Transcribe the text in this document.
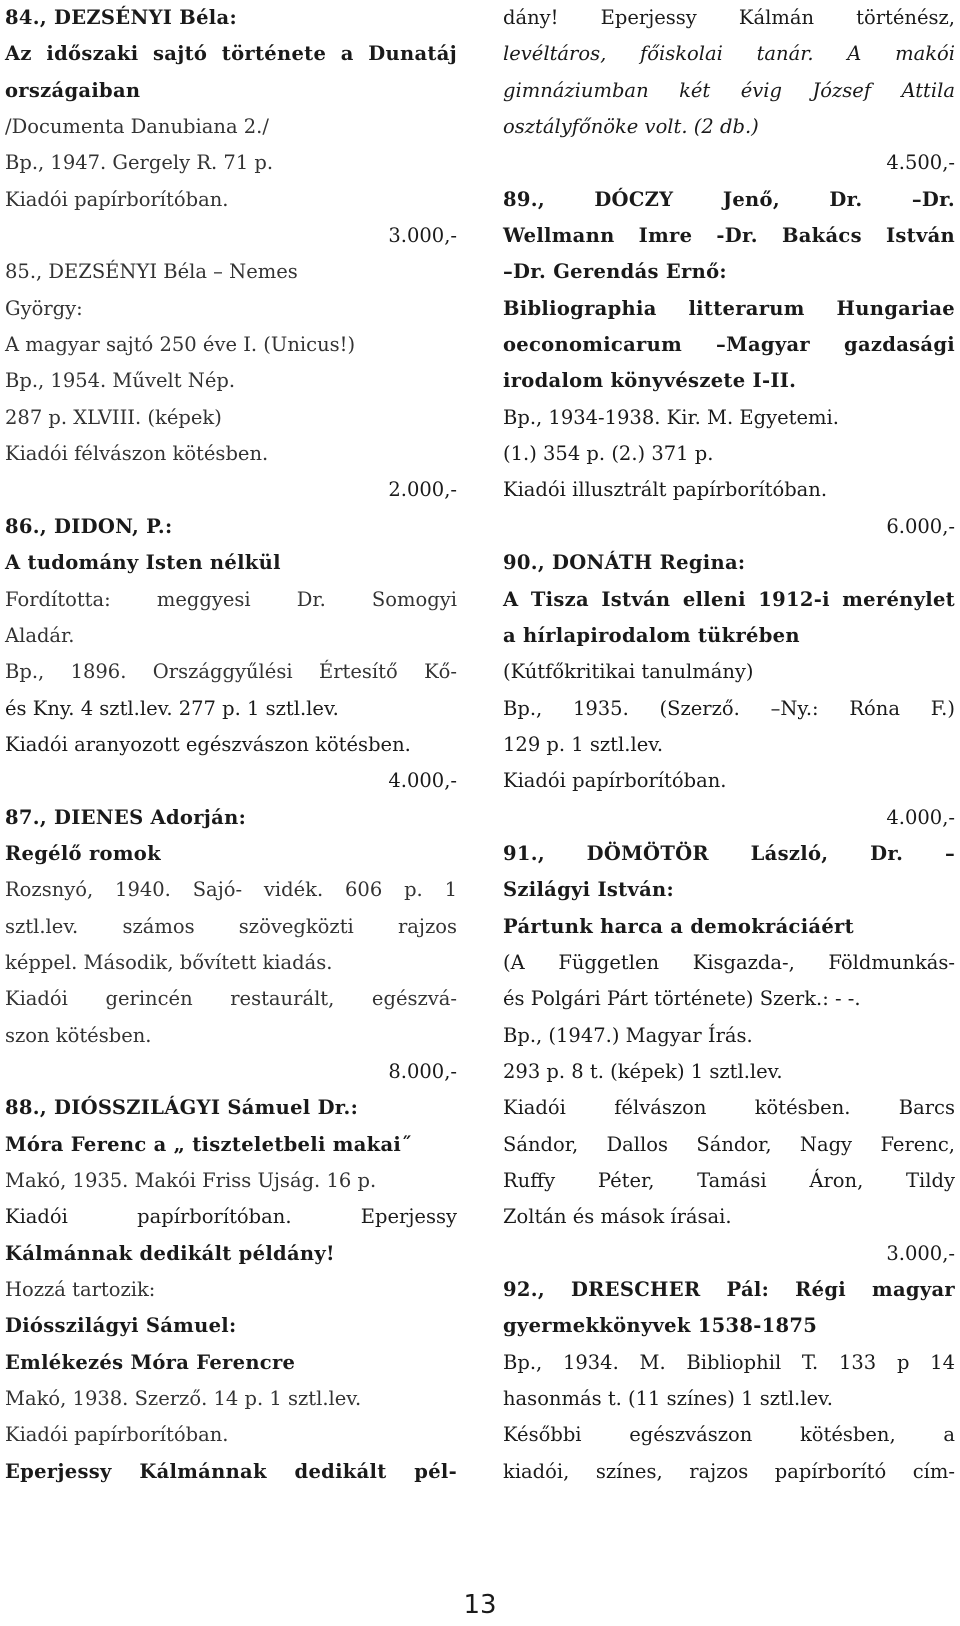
84., DEZSÉNYI Béla:
Az időszaki sajtó története a Dunatáj
országaiban
/Documenta Danubiana 2./
Bp., 1947. Gergely R. 71 p.
Kiadói papírborítóban.
3.000,-
85., DEZSÉNYI Béla – Nemes
György:
A magyar sajtó 250 éve I. (Unicus!)
Bp., 1954. Művelt Nép.
287 p. XLVIII. (képek)
Kiadói félvászon kötésben.
2.000,-
86., DIDON, P.:
A tudomány Isten nélkül
Fordította: meggyesi Dr. Somogyi
Aladár.
Bp., 1896. Országgyűlési Értesítő Kő-
és Kny. 4 sztl.lev. 277 p. 1 sztl.lev.
Kiadói aranyozott egészvászon kötésben.
4.000,-
87., DIENES Adorján:
Regélő romok
Rozsnyó, 1940. Sajó- vidék. 606 p. 1
sztl.lev. számos szövegközti rajzos
képpel. Második, bővített kiadás.
Kiadói gerincén restaurált, egészvá-
szon kötésben.
8.000,-
88., DIÓSSZILÁGYI Sámuel Dr.:
Móra Ferenc a „ tiszteletbeli makai˝
Makó, 1935. Makói Friss Ujság. 16 p.
Kiadói papírborítóban. Eperjessy
Kálmánnak dedikált példány!
Hozzá tartozik:
Diósszilágyi Sámuel:
Emlékezés Móra Ferencre
Makó, 1938. Szerző. 14 p. 1 sztl.lev.
Kiadói papírborítóban.
Eperjessy Kálmánnak dedikált pél-
dány! Eperjessy Kálmán történész,
levéltáros, főiskolai tanár. A makói
gimnáziumban két évig József Attila
osztályfőnöke volt. (2 db.)
4.500,-
89., DÓCZY Jenő, Dr. –Dr.
Wellmann Imre -Dr. Bakács István
–Dr. Gerendás Ernő:
Bibliographia litterarum Hungariae
oeconomicarum –Magyar gazdasági
irodalom könyvészete I-II.
Bp., 1934-1938. Kir. M. Egyetemi.
(1.) 354 p. (2.) 371 p.
Kiadói illusztrált papírborítóban.
6.000,-
90., DONÁTH Regina:
A Tisza István elleni 1912-i merénylet
a hírlapirodalom tükrében
(Kútfőkritikai tanulmány)
Bp., 1935. (Szerző. –Ny.: Róna F.)
129 p. 1 sztl.lev.
Kiadói papírborítóban.
4.000,-
91., DÖMÖTÖR László, Dr. –
Szilágyi István:
Pártunk harca a demokráciáért
(A Független Kisgazda-, Földmunkás-
és Polgári Párt története) Szerk.: - -.
Bp., (1947.) Magyar Írás.
293 p. 8 t. (képek) 1 sztl.lev.
Kiadói félvászon kötésben. Barcs
Sándor, Dallos Sándor, Nagy Ferenc,
Ruffy Péter, Tamási Áron, Tildy
Zoltán és mások írásai.
3.000,-
92., DRESCHER Pál: Régi magyar
gyermekkönyvek 1538-1875
Bp., 1934. M. Bibliophil T. 133 p 14
hasonmás t. (11 színes) 1 sztl.lev.
Későbbi egészvászon kötésben, a
kiadói, színes, rajzos papírborító cím-
13
